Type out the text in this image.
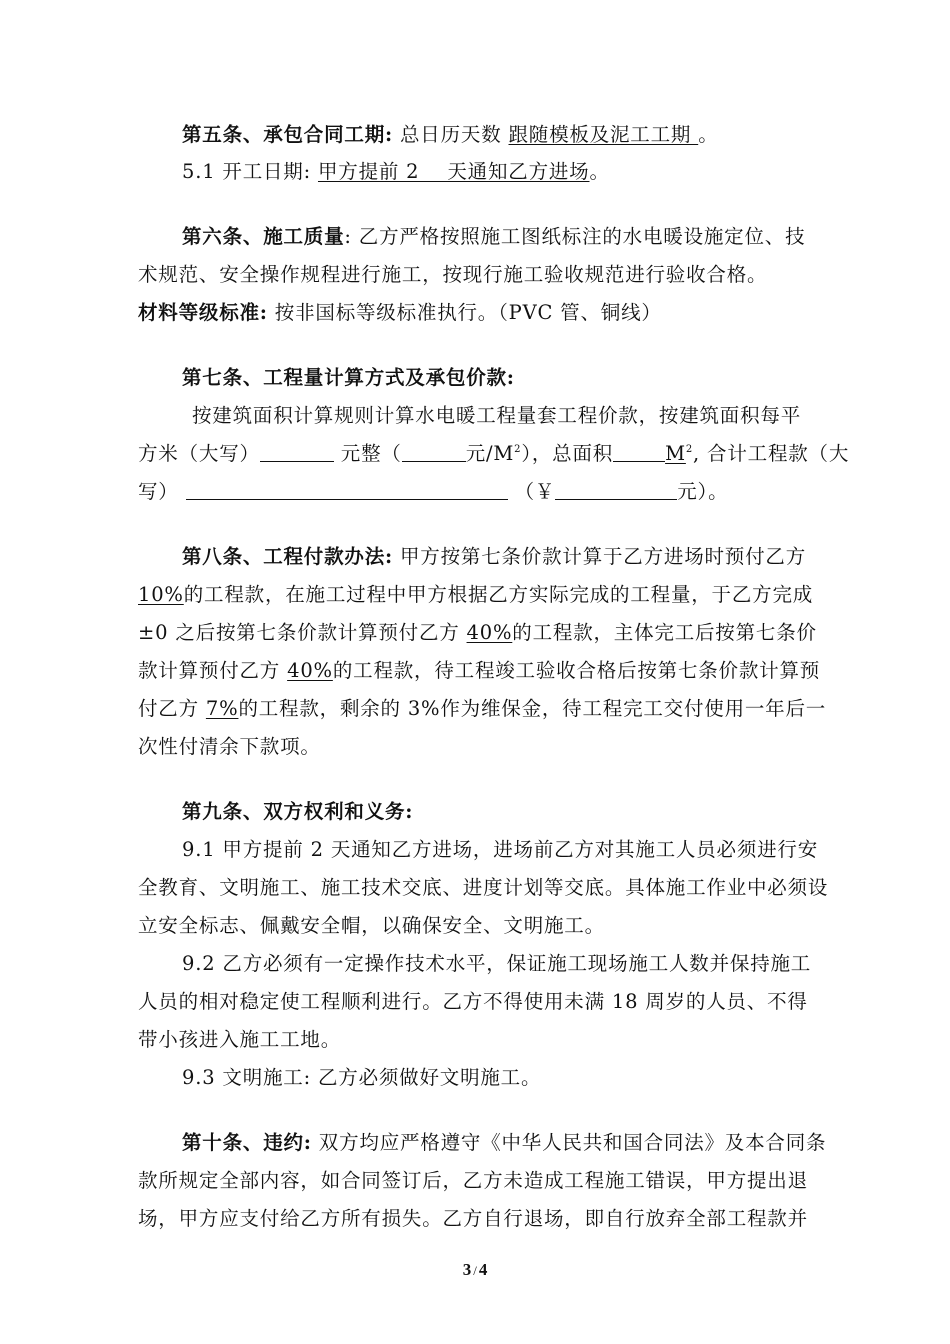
第五条、承包合同工期: 总日历天数 跟随模板及泥工工期 。
5.1 开工日期: 甲方提前 2    天通知乙方进场。
第六条、施工质量: 乙方严格按照施工图纸标注的水电暖设施定位、技
术规范、安全操作规程进行施工，按现行施工验收规范进行验收合格。
材料等级标准: 按非国标等级标准执行。（PVC 管、铜线）
第七条、工程量计算方式及承包价款:
按建筑面积计算规则计算水电暖工程量套工程价款，按建筑面积每平
方米（大写）	元整（	元$/M^2$），总面积	$M^2$, 合计工程款（大
写）	（￥	元）。
第八条、工程付款办法: 甲方按第七条价款计算于乙方进场时预付乙方
10%的工程款，在施工过程中甲方根据乙方实际完成的工程量，于乙方完成
±0 之后按第七条价款计算预付乙方 40%的工程款，主体完工后按第七条价
款计算预付乙方 40%的工程款，待工程竣工验收合格后按第七条价款计算预
付乙方 7%的工程款，剩余的 3%作为维保金，待工程完工交付使用一年后一
次性付清余下款项。
第九条、双方权利和义务:
9.1 甲方提前 2 天通知乙方进场，进场前乙方对其施工人员必须进行安
全教育、文明施工、施工技术交底、进度计划等交底。具体施工作业中必须设
立安全标志、佩戴安全帽，以确保安全、文明施工。
9.2 乙方必须有一定操作技术水平，保证施工现场施工人数并保持施工
人员的相对稳定使工程顺利进行。乙方不得使用未满 18 周岁的人员、不得
带小孩进入施工工地。
9.3 文明施工: 乙方必须做好文明施工。
第十条、违约: 双方均应严格遵守《中华人民共和国合同法》及本合同条
款所规定全部内容，如合同签订后，乙方未造成工程施工错误，甲方提出退
场，甲方应支付给乙方所有损失。乙方自行退场，即自行放弃全部工程款并
3 / 4
